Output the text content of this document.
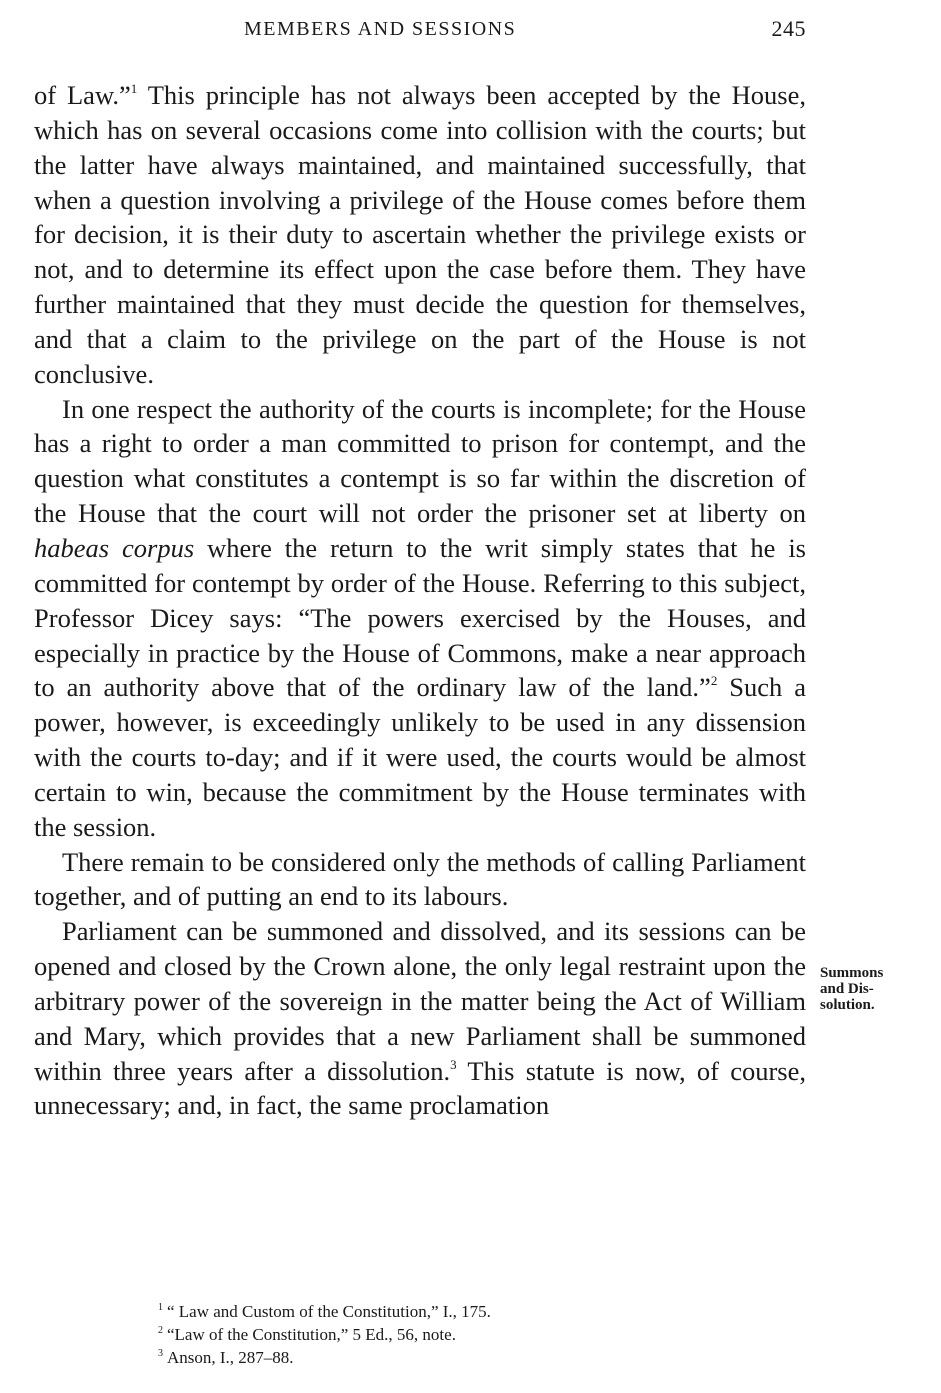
MEMBERS AND SESSIONS	245

of Law.”$^1$ This principle has not always been accepted by the House, which has on several occasions come into collision with the courts; but the latter have always maintained, and maintained successfully, that when a question involving a privilege of the House comes before them for decision, it is their duty to ascertain whether the privilege exists or not, and to determine its effect upon the case before them. They have further maintained that they must decide the question for themselves, and that a claim to the privilege on the part of the House is not conclusive.

In one respect the authority of the courts is incomplete; for the House has a right to order a man committed to prison for contempt, and the question what constitutes a contempt is so far within the discretion of the House that the court will not order the prisoner set at liberty on habeas corpus where the return to the writ simply states that he is committed for contempt by order of the House. Referring to this subject, Professor Dicey says: “The powers exercised by the Houses, and especially in practice by the House of Commons, make a near approach to an authority above that of the ordinary law of the land.”$^2$ Such a power, however, is exceedingly unlikely to be used in any dissension with the courts to-day; and if it were used, the courts would be almost certain to win, because the commitment by the House terminates with the session.

There remain to be considered only the methods of calling Parliament together, and of putting an end to its labours.

Parliament can be summoned and dissolved, and its sessions can be opened and closed by the Crown alone, the only legal restraint upon the arbitrary power of the sovereign in the matter being the Act of William and Mary, which provides that a new Parliament shall be summoned within three years after a dissolution.$^3$ This statute is now, of course, unnecessary; and, in fact, the same proclamation

Summons
and Dis-
solution.

$^1$ “ Law and Custom of the Constitution,” I., 175.

$^2$ “Law of the Constitution,” 5 Ed., 56, note.

$^3$ Anson, I., 287–88.
